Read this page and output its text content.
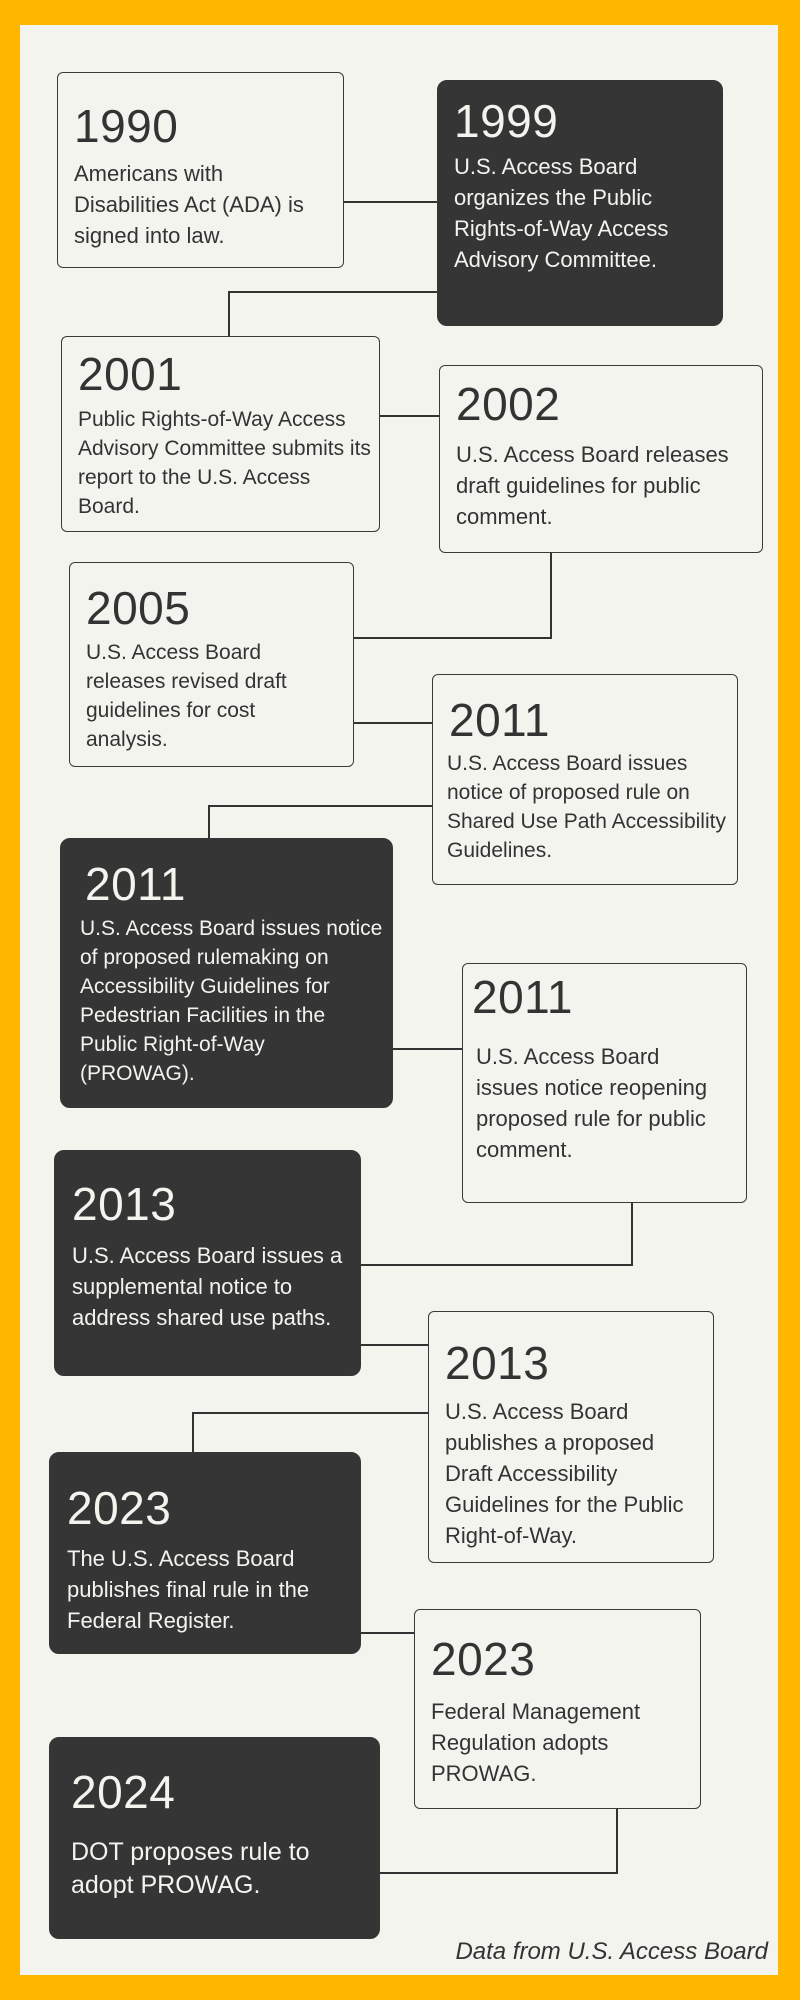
1990
Americans with Disabilities Act (ADA) is signed into law.
1999
U.S. Access Board organizes the Public Rights-of-Way Access Advisory Committee.
2001
Public Rights-of-Way Access Advisory Committee submits its report to the U.S. Access Board.
2002
U.S. Access Board releases draft guidelines for public comment.
2005
U.S. Access Board releases revised draft guidelines for cost analysis.	2011
U.S. Access Board issues notice of proposed rule on Shared Use Path Accessibility Guidelines.
2011
U.S. Access Board issues notice of proposed rulemaking on Accessibility Guidelines for Pedestrian Facilities in the Public Right-of-Way (PROWAG).
2011
U.S. Access Board issues notice reopening proposed rule for public comment.
2013
U.S. Access Board issues a supplemental notice to address shared use paths.
2013
U.S. Access Board publishes a proposed Draft Accessibility Guidelines for the Public Right-of-Way.
2023
The U.S. Access Board publishes final rule in the Federal Register.
2023
Federal Management Regulation adopts PROWAG.
2024
DOT proposes rule to adopt PROWAG.
Data from U.S. Access Board
